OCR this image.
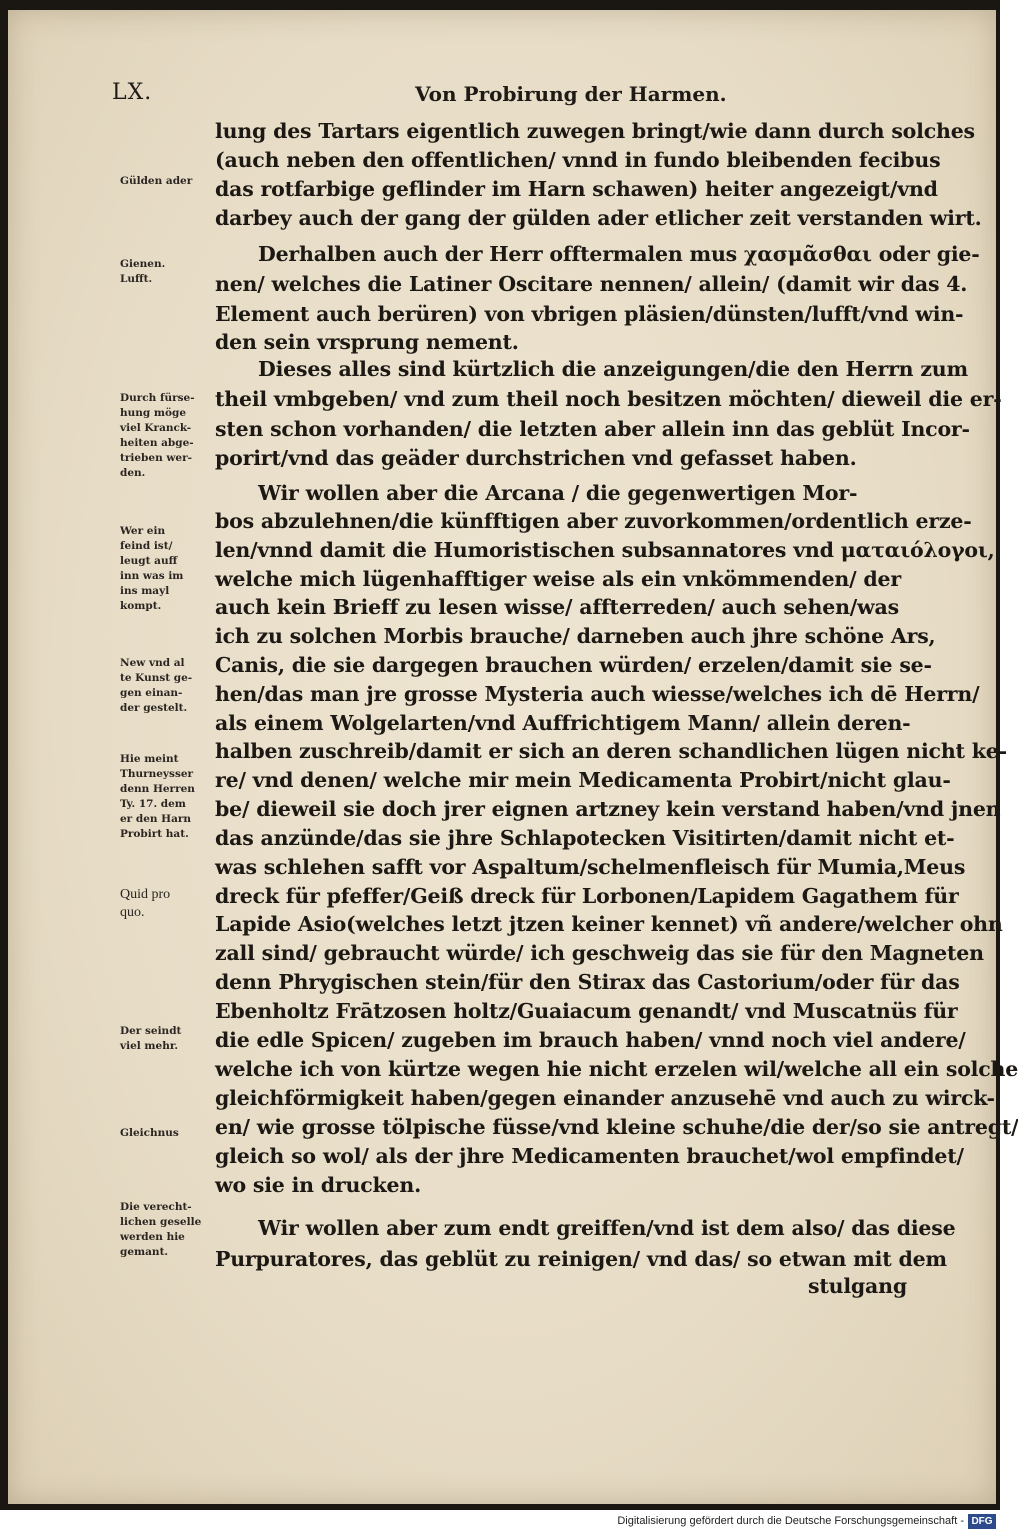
LX.	Von Probirung der Harmen.
lung des Tartars eigentlich zuwegen bringt/wie dann durch solches
(auch neben den offentlichen/ vnnd in fundo bleibenden fecibus
das rotfarbige geflinder im Harn schawen) heiter angezeigt/vnd
darbey auch der gang der gülden ader etlicher zeit verstanden wirt.
Derhalben auch der Herr offtermalen mus χασμᾶσθαι oder gie-
nen/ welches die Latiner Oscitare nennen/ allein/ (damit wir das 4.
Element auch berüren) von vbrigen pläsien/dünsten/lufft/vnd win-
den sein vrsprung nement.
Dieses alles sind kürtzlich die anzeigungen/die den Herrn zum
theil vmbgeben/ vnd zum theil noch besitzen möchten/ dieweil die er-
sten schon vorhanden/ die letzten aber allein inn das geblüt Incor-
porirt/vnd das geäder durchstrichen vnd gefasset haben.
Wir wollen aber die Arcana / die gegenwertigen Mor-
bos abzulehnen/die künfftigen aber zuvorkommen/ordentlich erze-
len/vnnd damit die Humoristischen subsannatores vnd ματαιόλογοι,
welche mich lügenhafftiger weise als ein vnkömmenden/ der
auch kein Brieff zu lesen wisse/ affterreden/ auch sehen/was
ich zu solchen Morbis brauche/ darneben auch jhre schöne Ars,
Canis, die sie dargegen brauchen würden/ erzelen/damit sie se-
hen/das man jre grosse Mysteria auch wiesse/welches ich dē Herrn/
als einem Wolgelarten/vnd Auffrichtigem Mann/ allein deren-
halben zuschreib/damit er sich an deren schandlichen lügen nicht ke-
re/ vnd denen/ welche mir mein Medicamenta Probirt/nicht glau-
be/ dieweil sie doch jrer eignen artzney kein verstand haben/vnd jnen
das anzünde/das sie jhre Schlapotecken Visitirten/damit nicht et-
was schlehen safft vor Aspaltum/schelmenfleisch für Mumia,Meus
dreck für pfeffer/Geiß dreck für Lorbonen/Lapidem Gagathem für
Lapide Asio(welches letzt jtzen keiner kennet) vñ andere/welcher ohn
zall sind/ gebraucht würde/ ich geschweig das sie für den Magneten
denn Phrygischen stein/für den Stirax das Castorium/oder für das
Ebenholtz Frātzosen holtz/Guaiacum genandt/ vnd Muscatnüs für
die edle Spicen/ zugeben im brauch haben/ vnnd noch viel andere/
welche ich von kürtze wegen hie nicht erzelen wil/welche all ein solche
gleichförmigkeit haben/gegen einander anzusehē vnd auch zu wirck-
en/ wie grosse tölpische füsse/vnd kleine schuhe/die der/so sie antregt/
gleich so wol/ als der jhre Medicamenten brauchet/wol empfindet/
wo sie in drucken.
Wir wollen aber zum endt greiffen/vnd ist dem also/ das diese
Purpuratores, das geblüt zu reinigen/ vnd das/ so etwan mit dem
stulgang
Gülden ader
Gienen.
Lufft.
Durch fürse-
hung möge
viel Kranck-
heiten abge-
trieben wer-
den.
Wer ein
feind ist/
leugt auff
inn was im
ins mayl
kompt.
New vnd al
te Kunst ge-
gen einan-
der gestelt.
Hie meint
Thurneysser
denn Herren
Ty. 17. dem
er den Harn
Probirt hat.
Quid pro
quo.
Der seindt
viel mehr.
Gleichnus
Die verecht-
lichen geselle
werden hie
gemant.
Digitalisierung gefördert durch die Deutsche Forschungsgemeinschaft - DFG
